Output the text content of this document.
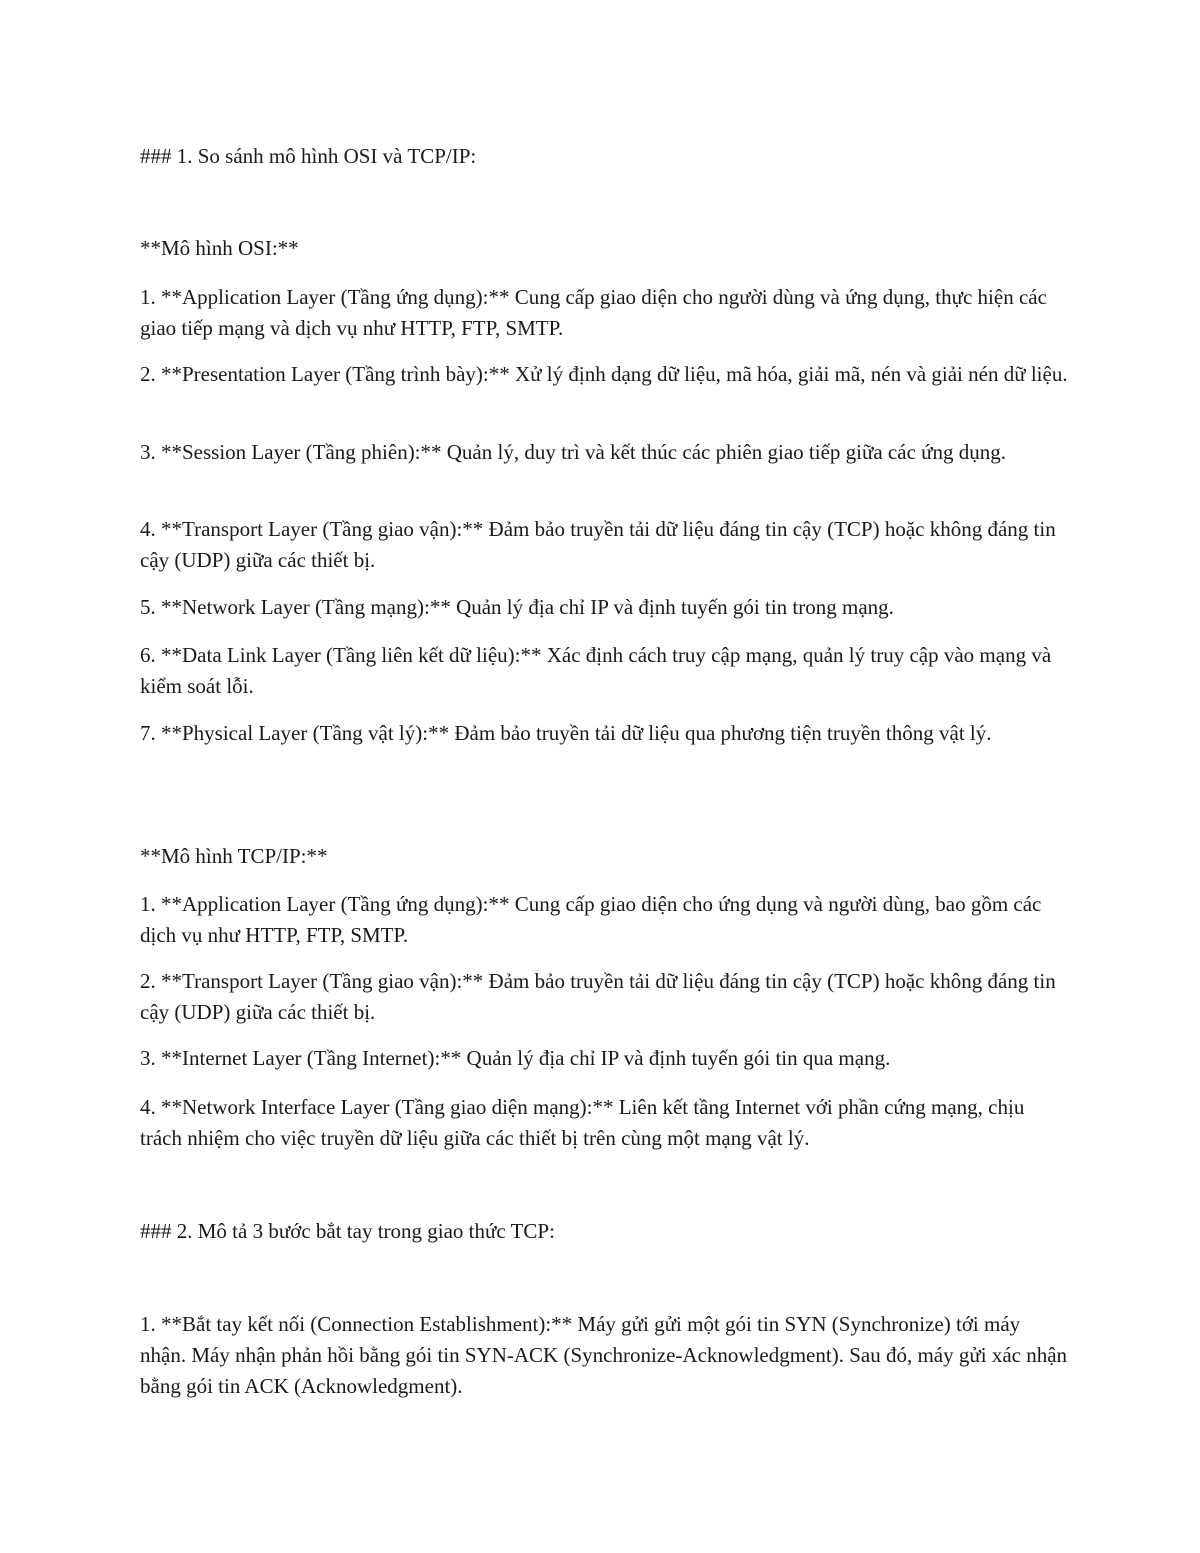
### 1. So sánh mô hình OSI và TCP/IP:

**Mô hình OSI:**

1. **Application Layer (Tầng ứng dụng):** Cung cấp giao diện cho người dùng và ứng dụng, thực hiện các giao tiếp mạng và dịch vụ như HTTP, FTP, SMTP.

2. **Presentation Layer (Tầng trình bày):** Xử lý định dạng dữ liệu, mã hóa, giải mã, nén và giải nén dữ liệu.

3. **Session Layer (Tầng phiên):** Quản lý, duy trì và kết thúc các phiên giao tiếp giữa các ứng dụng.

4. **Transport Layer (Tầng giao vận):** Đảm bảo truyền tải dữ liệu đáng tin cậy (TCP) hoặc không đáng tin cậy (UDP) giữa các thiết bị.

5. **Network Layer (Tầng mạng):** Quản lý địa chỉ IP và định tuyến gói tin trong mạng.

6. **Data Link Layer (Tầng liên kết dữ liệu):** Xác định cách truy cập mạng, quản lý truy cập vào mạng và kiểm soát lỗi.

7. **Physical Layer (Tầng vật lý):** Đảm bảo truyền tải dữ liệu qua phương tiện truyền thông vật lý.

**Mô hình TCP/IP:**

1. **Application Layer (Tầng ứng dụng):** Cung cấp giao diện cho ứng dụng và người dùng, bao gồm các dịch vụ như HTTP, FTP, SMTP.

2. **Transport Layer (Tầng giao vận):** Đảm bảo truyền tải dữ liệu đáng tin cậy (TCP) hoặc không đáng tin cậy (UDP) giữa các thiết bị.

3. **Internet Layer (Tầng Internet):** Quản lý địa chỉ IP và định tuyến gói tin qua mạng.

4. **Network Interface Layer (Tầng giao diện mạng):** Liên kết tầng Internet với phần cứng mạng, chịu trách nhiệm cho việc truyền dữ liệu giữa các thiết bị trên cùng một mạng vật lý.

### 2. Mô tả 3 bước bắt tay trong giao thức TCP:

1. **Bắt tay kết nối (Connection Establishment):** Máy gửi gửi một gói tin SYN (Synchronize) tới máy nhận. Máy nhận phản hồi bằng gói tin SYN-ACK (Synchronize-Acknowledgment). Sau đó, máy gửi xác nhận bằng gói tin ACK (Acknowledgment).
